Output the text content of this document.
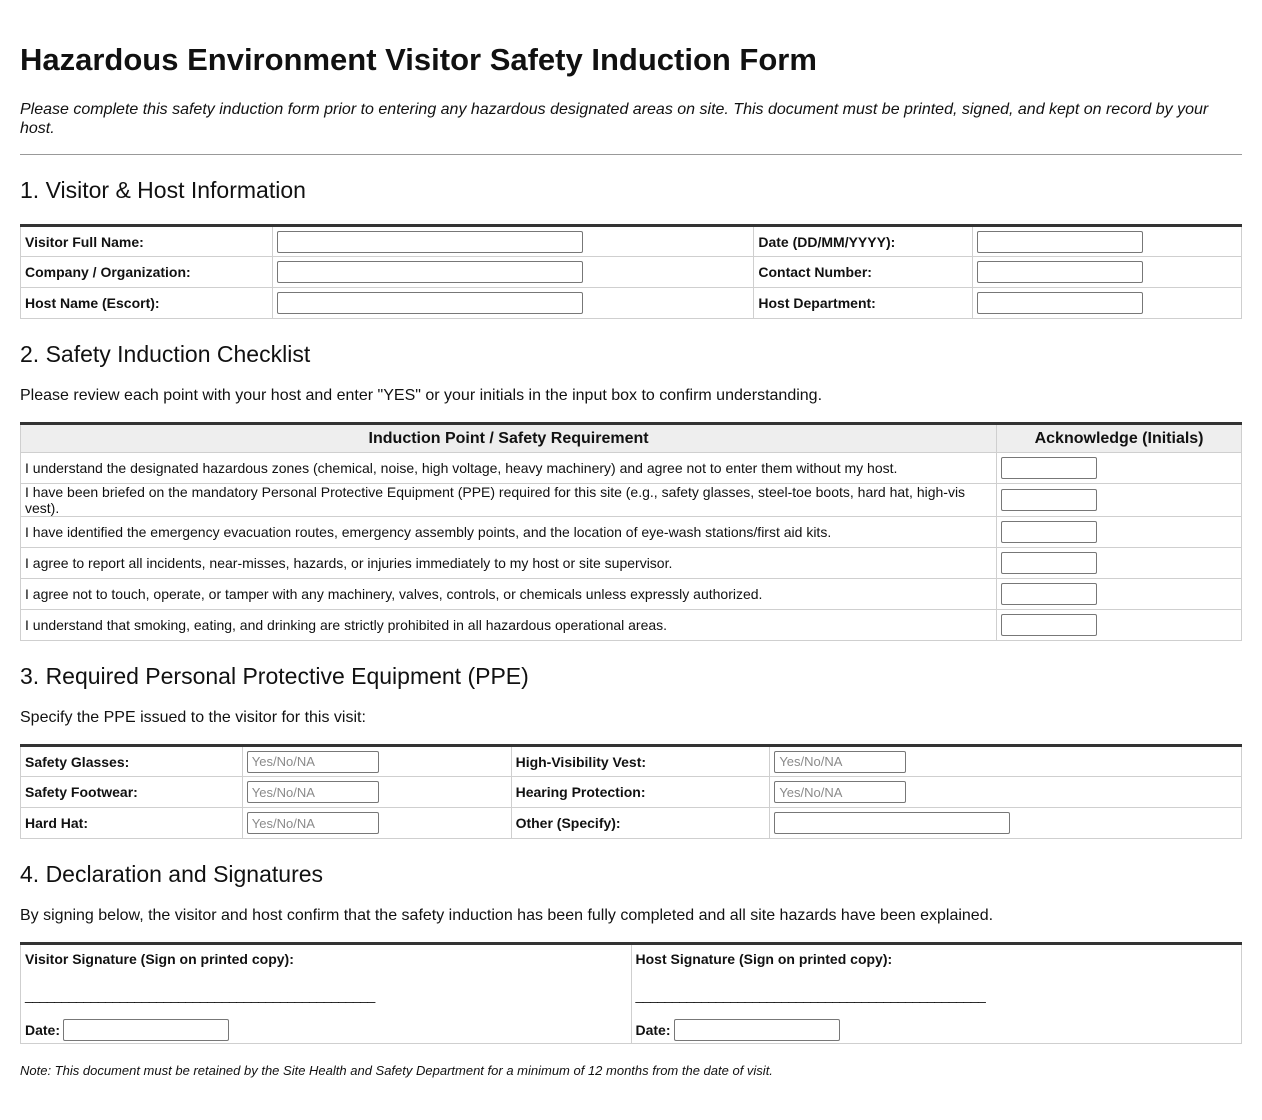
Hazardous Environment Visitor Safety Induction Form

Please complete this safety induction form prior to entering any hazardous designated areas on site. This document must be printed, signed, and kept on record by your host.

1. Visitor & Host Information
Visitor Full Name:		Date (DD/MM/YYYY):	
Company / Organization:		Contact Number:	
Host Name (Escort):		Host Department:	
2. Safety Induction Checklist

Please review each point with your host and enter "YES" or your initials in the input box to confirm understanding.

Induction Point / Safety Requirement	Acknowledge (Initials)
I understand the designated hazardous zones (chemical, noise, high voltage, heavy machinery) and agree not to enter them without my host.	
I have been briefed on the mandatory Personal Protective Equipment (PPE) required for this site (e.g., safety glasses, steel-toe boots, hard hat, high-vis vest).	
I have identified the emergency evacuation routes, emergency assembly points, and the location of eye-wash stations/first aid kits.	
I agree to report all incidents, near-misses, hazards, or injuries immediately to my host or site supervisor.	
I agree not to touch, operate, or tamper with any machinery, valves, controls, or chemicals unless expressly authorized.	
I understand that smoking, eating, and drinking are strictly prohibited in all hazardous operational areas.	
3. Required Personal Protective Equipment (PPE)

Specify the PPE issued to the visitor for this visit:

Safety Glasses:	Yes/No/NA	High-Visibility Vest:	Yes/No/NA
Safety Footwear:	Yes/No/NA	Hearing Protection:	Yes/No/NA
Hard Hat:	Yes/No/NA	Other (Specify):	
4. Declaration and Signatures

By signing below, the visitor and host confirm that the safety induction has been fully completed and all site hazards have been explained.

Visitor Signature (Sign on printed copy):
________________________________________________
Date:

Host Signature (Sign on printed copy):
________________________________________________
Date:

Note: This document must be retained by the Site Health and Safety Department for a minimum of 12 months from the date of visit.
